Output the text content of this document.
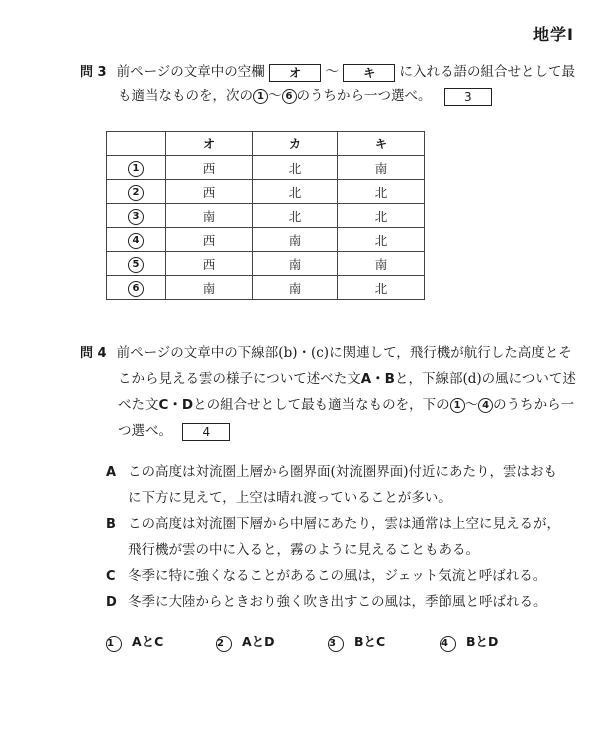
地学Ⅰ
問 3 前ページの文章中の空欄 オ 〜 キ に入れる語の組合せとして最
も適当なものを，次の 1 〜 6 のうちから一つ選べ。	3
	オ	カ	キ
1	西	北	南
2	西	北	北
3	南	北	北
4	西	南	北
5	西	南	南
6	南	南	北
問 4 前ページの文章中の下線部(b)・(c)に関連して，飛行機が航行した高度とそ
こから見える雲の様子について述べた文A・Bと，下線部(d)の風について述
べた文C・Dとの組合せとして最も適当なものを，下の 1 〜 4 のうちから一
つ選べ。	4
A この高度は対流圏上層から圏界面(対流圏界面)付近にあたり，雲はおも
に下方に見えて，上空は晴れ渡っていることが多い。
B この高度は対流圏下層から中層にあたり，雲は通常は上空に見えるが，
飛行機が雲の中に入ると，霧のように見えることもある。
C 冬季に特に強くなることがあるこの風は，ジェット気流と呼ばれる。
D 冬季に大陸からときおり強く吹き出すこの風は，季節風と呼ばれる。
1 AとC	2 AとD	3 BとC	4 BとD
